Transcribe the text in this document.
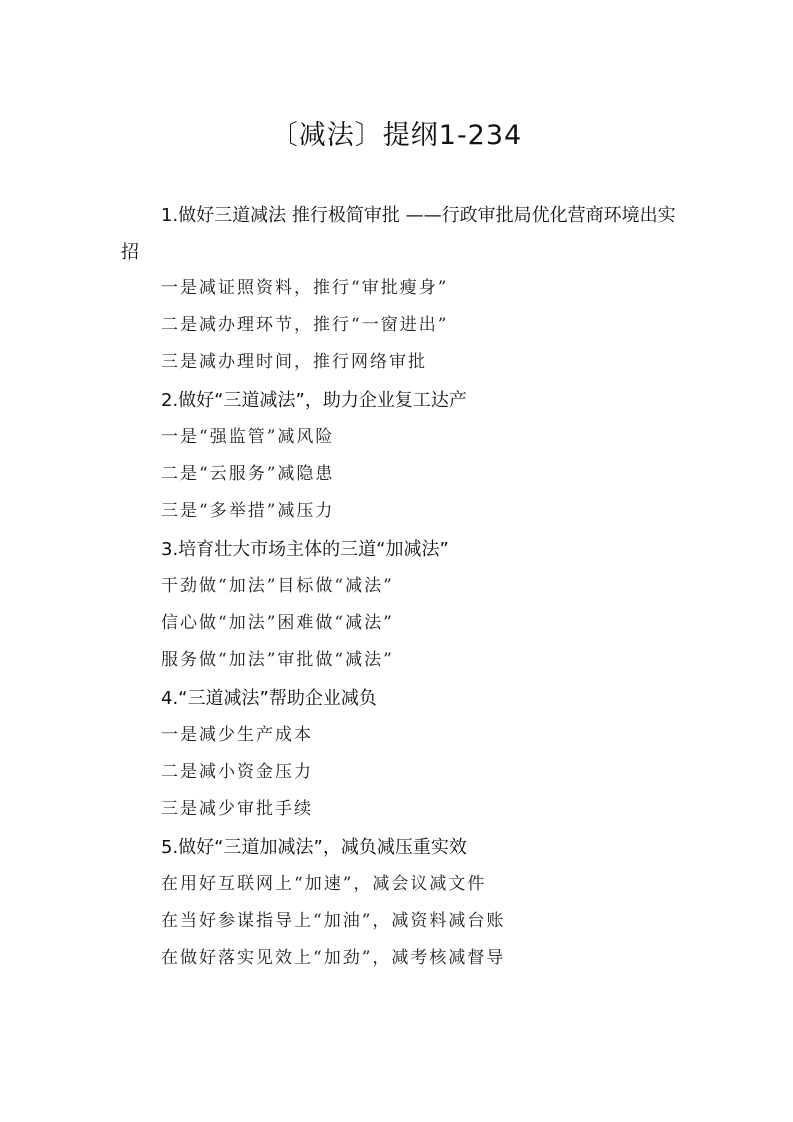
〔减法〕提纲1-234
1.做好三道减法 推行极简审批 ——行政审批局优化营商环境出实招
一是减证照资料，推行“审批瘦身”
二是减办理环节，推行“一窗进出”
三是减办理时间，推行网络审批
2.做好“三道减法”，助力企业复工达产
一是“强监管”减风险
二是“云服务”减隐患
三是“多举措”减压力
3.培育壮大市场主体的三道“加减法”
干劲做“加法”目标做“减法”
信心做“加法”困难做“减法”
服务做“加法”审批做“减法”
4.“三道减法”帮助企业减负
一是减少生产成本
二是减小资金压力
三是减少审批手续
5.做好“三道加减法”，减负减压重实效
在用好互联网上“加速”，减会议减文件
在当好参谋指导上“加油”，减资料减台账
在做好落实见效上“加劲”，减考核减督导
